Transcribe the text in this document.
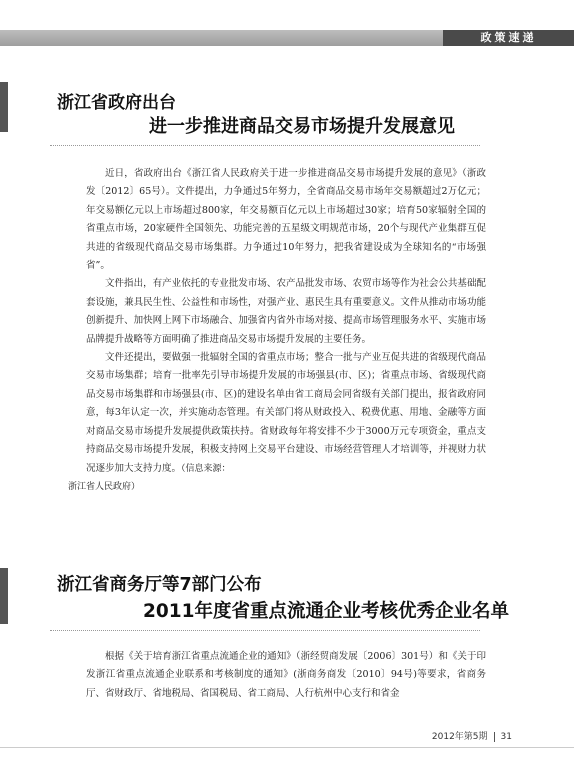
政策速递
浙江省政府出台
进一步推进商品交易市场提升发展意见

近日，省政府出台《浙江省人民政府关于进一步推进商品交易市场提升发展的意见》（浙政发〔2012〕65号）。文件提出，力争通过5年努力，全省商品交易市场年交易额超过2万亿元；年交易额亿元以上市场超过800家，年交易额百亿元以上市场超过30家；培育50家辐射全国的省重点市场，20家硬件全国领先、功能完善的五星级文明规范市场，20个与现代产业集群互促共进的省级现代商品交易市场集群。力争通过10年努力，把我省建设成为全球知名的“市场强省”。

文件指出，有产业依托的专业批发市场、农产品批发市场、农贸市场等作为社会公共基础配套设施，兼具民生性、公益性和市场性，对强产业、惠民生具有重要意义。文件从推动市场功能创新提升、加快网上网下市场融合、加强省内省外市场对接、提高市场管理服务水平、实施市场品牌提升战略等方面明确了推进商品交易市场提升发展的主要任务。

文件还提出，要做强一批辐射全国的省重点市场；整合一批与产业互促共进的省级现代商品交易市场集群；培育一批率先引导市场提升发展的市场强县(市、区)；省重点市场、省级现代商品交易市场集群和市场强县(市、区)的建设名单由省工商局会同省级有关部门提出，报省政府同意，每3年认定一次，并实施动态管理。有关部门将从财政投入、税费优惠、用地、金融等方面对商品交易市场提升发展提供政策扶持。省财政每年将安排不少于3000万元专项资金，重点支持商品交易市场提升发展，积极支持网上交易平台建设、市场经营管理人才培训等，并视财力状况逐步加大支持力度。（信息来源：
浙江省人民政府）

浙江省商务厅等7部门公布
2011年度省重点流通企业考核优秀企业名单

根据《关于培育浙江省重点流通企业的通知》（浙经贸商发展〔2006〕301号）和《关于印发浙江省重点流通企业联系和考核制度的通知》(浙商务商发〔2010〕94号)等要求，省商务厅、省财政厅、省地税局、省国税局、省工商局、人行杭州中心支行和省金

2012年第5期 31
